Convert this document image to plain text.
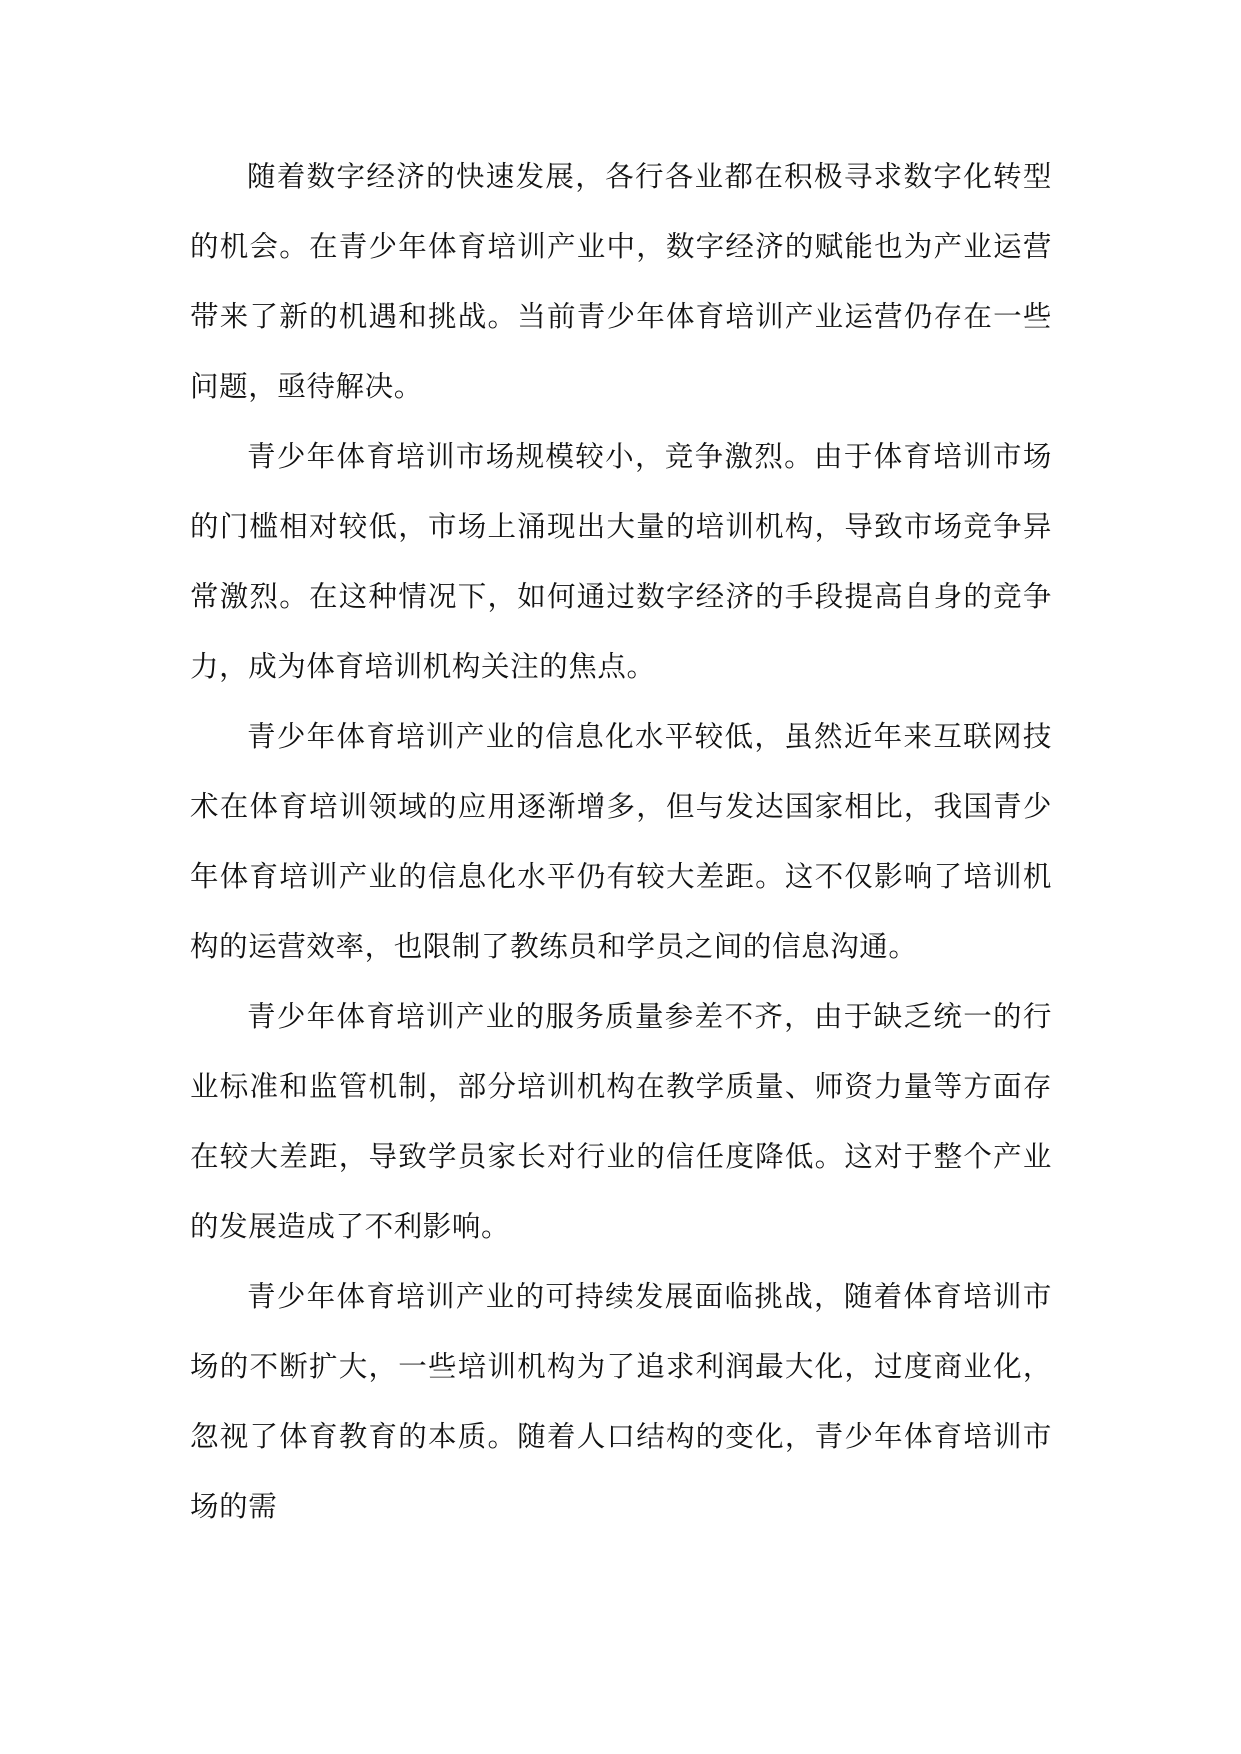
随着数字经济的快速发展，各行各业都在积极寻求数字化转型的机会。在青少年体育培训产业中，数字经济的赋能也为产业运营带来了新的机遇和挑战。当前青少年体育培训产业运营仍存在一些问题，亟待解决。

青少年体育培训市场规模较小，竞争激烈。由于体育培训市场的门槛相对较低，市场上涌现出大量的培训机构，导致市场竞争异常激烈。在这种情况下，如何通过数字经济的手段提高自身的竞争力，成为体育培训机构关注的焦点。

青少年体育培训产业的信息化水平较低，虽然近年来互联网技术在体育培训领域的应用逐渐增多，但与发达国家相比，我国青少年体育培训产业的信息化水平仍有较大差距。这不仅影响了培训机构的运营效率，也限制了教练员和学员之间的信息沟通。

青少年体育培训产业的服务质量参差不齐，由于缺乏统一的行业标准和监管机制，部分培训机构在教学质量、师资力量等方面存在较大差距，导致学员家长对行业的信任度降低。这对于整个产业的发展造成了不利影响。

青少年体育培训产业的可持续发展面临挑战，随着体育培训市场的不断扩大，一些培训机构为了追求利润最大化，过度商业化，忽视了体育教育的本质。随着人口结构的变化，青少年体育培训市场的需
